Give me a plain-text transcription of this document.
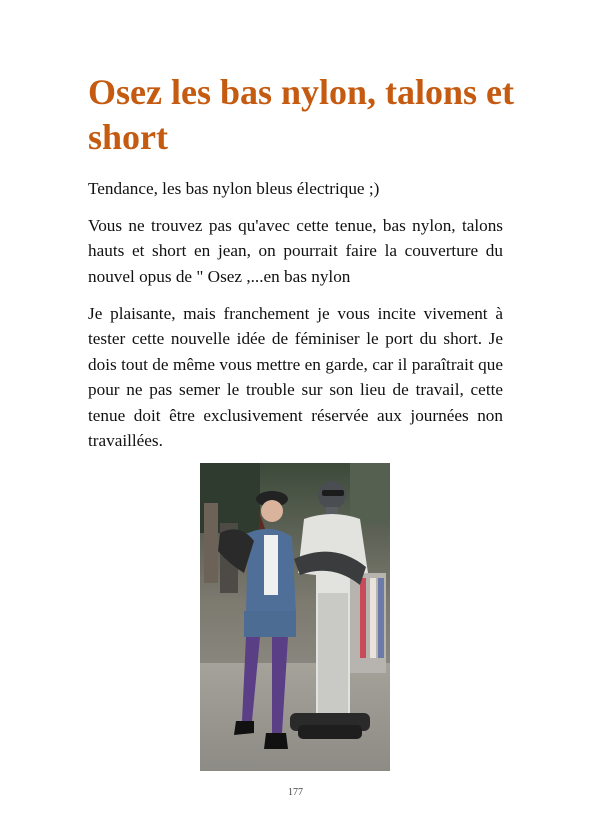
Osez les bas nylon, talons et short

Tendance, les bas nylon bleus électrique ;)

Vous ne trouvez pas qu'avec cette tenue, bas nylon, talons hauts et short en jean, on pourrait faire la couverture du nouvel opus de " Osez ,...en bas nylon

Je plaisante, mais franchement je vous incite vivement à tester cette nouvelle idée de féminiser le port du short. Je dois tout de même vous mettre en garde, car il paraîtrait que pour ne pas semer le trouble sur son lieu de travail, cette tenue doit être exclusivement réservée aux journées non travaillées.

177
